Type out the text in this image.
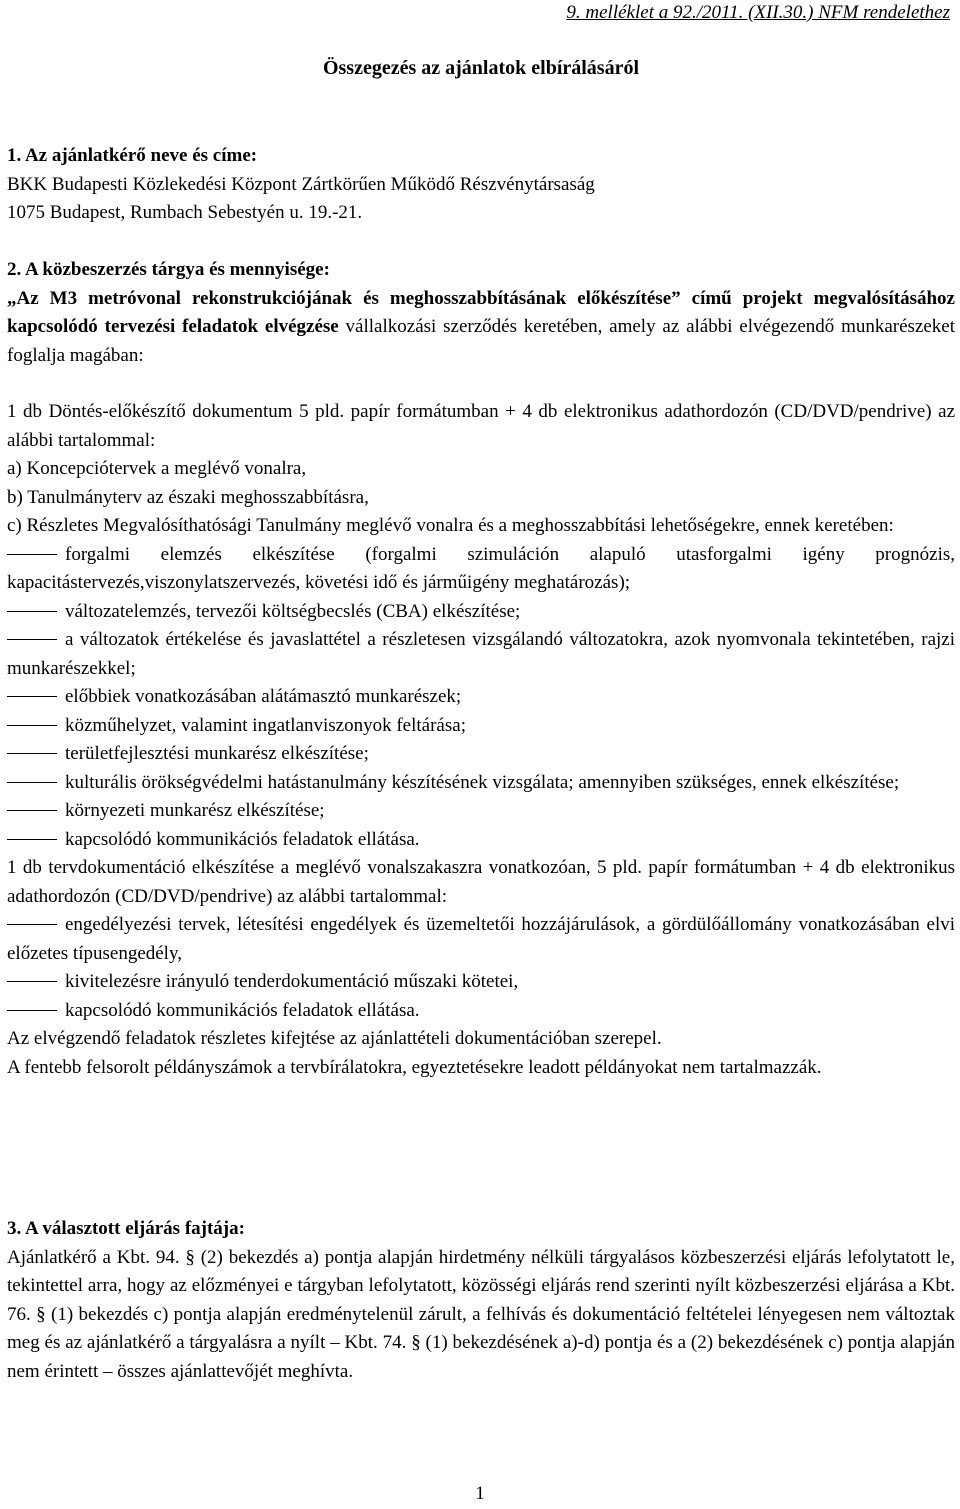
9. melléklet a 92./2011. (XII.30.) NFM rendelethez
Összegezés az ajánlatok elbírálásáról

1. Az ajánlatkérő neve és címe:

BKK Budapesti Közlekedési Központ Zártkörűen Működő Részvénytársaság

1075 Budapest, Rumbach Sebestyén u. 19.-21.

2. A közbeszerzés tárgya és mennyisége:

„Az M3 metróvonal rekonstrukciójának és meghosszabbításának előkészítése” című projekt megvalósításához kapcsolódó tervezési feladatok elvégzése vállalkozási szerződés keretében, amely az alábbi elvégezendő munkarészeket foglalja magában:

1 db Döntés-előkészítő dokumentum 5 pld. papír formátumban + 4 db elektronikus adathordozón (CD/DVD/pendrive) az alábbi tartalommal:

a) Koncepciótervek a meglévő vonalra,

b) Tanulmányterv az északi meghosszabbításra,

c) Részletes Megvalósíthatósági Tanulmány meglévő vonalra és a meghosszabbítási lehetőségekre, ennek keretében:

forgalmi elemzés elkészítése (forgalmi szimuláción alapuló utasforgalmi igény prognózis, kapacitástervezés,viszonylatszervezés, követési idő és járműigény meghatározás);

változatelemzés, tervezői költségbecslés (CBA) elkészítése;

a változatok értékelése és javaslattétel a részletesen vizsgálandó változatokra, azok nyomvonala tekintetében, rajzi munkarészekkel;

előbbiek vonatkozásában alátámasztó munkarészek;

közműhelyzet, valamint ingatlanviszonyok feltárása;

területfejlesztési munkarész elkészítése;

kulturális örökségvédelmi hatástanulmány készítésének vizsgálata; amennyiben szükséges, ennek elkészítése;

környezeti munkarész elkészítése;

kapcsolódó kommunikációs feladatok ellátása.

1 db tervdokumentáció elkészítése a meglévő vonalszakaszra vonatkozóan, 5 pld. papír formátumban + 4 db elektronikus adathordozón (CD/DVD/pendrive) az alábbi tartalommal:

engedélyezési tervek, létesítési engedélyek és üzemeltetői hozzájárulások, a gördülőállomány vonatkozásában elvi előzetes típusengedély,

kivitelezésre irányuló tenderdokumentáció műszaki kötetei,

kapcsolódó kommunikációs feladatok ellátása.

Az elvégzendő feladatok részletes kifejtése az ajánlattételi dokumentációban szerepel.

A fentebb felsorolt példányszámok a tervbírálatokra, egyeztetésekre leadott példányokat nem tartalmazzák.

3. A választott eljárás fajtája:

Ajánlatkérő a Kbt. 94. § (2) bekezdés a) pontja alapján hirdetmény nélküli tárgyalásos közbeszerzési eljárás lefolytatott le, tekintettel arra, hogy az előzményei e tárgyban lefolytatott, közösségi eljárás rend szerinti nyílt közbeszerzési eljárása a Kbt. 76. § (1) bekezdés c) pontja alapján eredménytelenül zárult, a felhívás és dokumentáció feltételei lényegesen nem változtak meg és az ajánlatkérő a tárgyalásra a nyílt – Kbt. 74. § (1) bekezdésének a)-d) pontja és a (2) bekezdésének c) pontja alapján nem érintett – összes ajánlattevőjét meghívta.

1
